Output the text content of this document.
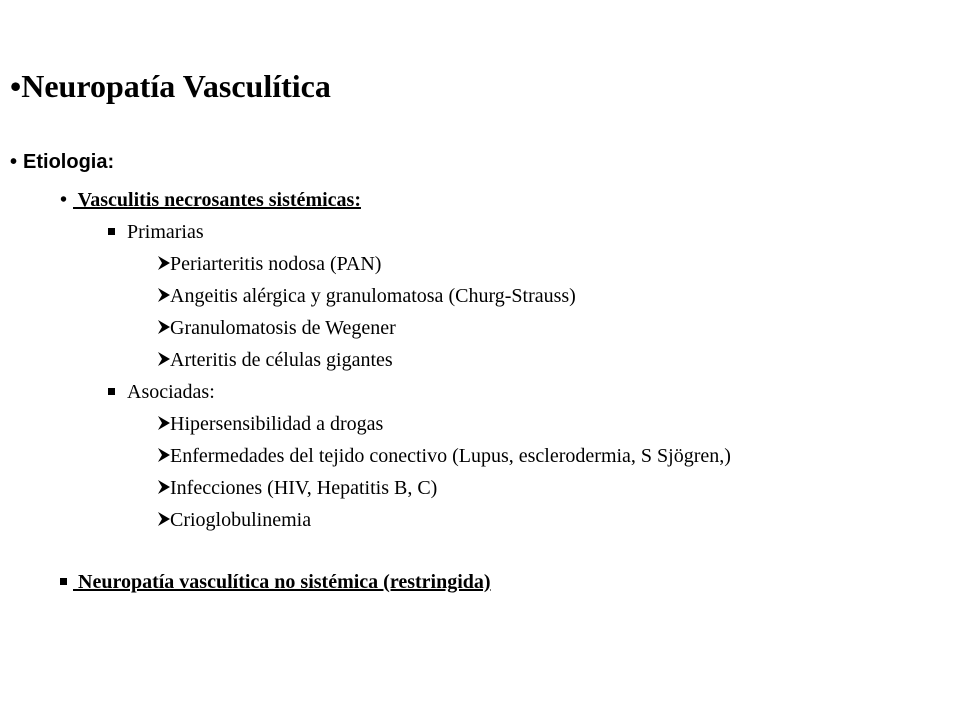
•Neuropatía Vasculítica
• Etiologia:
• Vasculitis necrosantes sistémicas:
Primarias
Periarteritis nodosa (PAN)
Angeitis alérgica y granulomatosa (Churg-Strauss)
Granulomatosis de Wegener
Arteritis de células gigantes
Asociadas:
Hipersensibilidad a drogas
Enfermedades del tejido conectivo (Lupus, esclerodermia, S Sjögren,)
Infecciones (HIV, Hepatitis B, C)
Crioglobulinemia
Neuropatía vasculítica no sistémica (restringida)
